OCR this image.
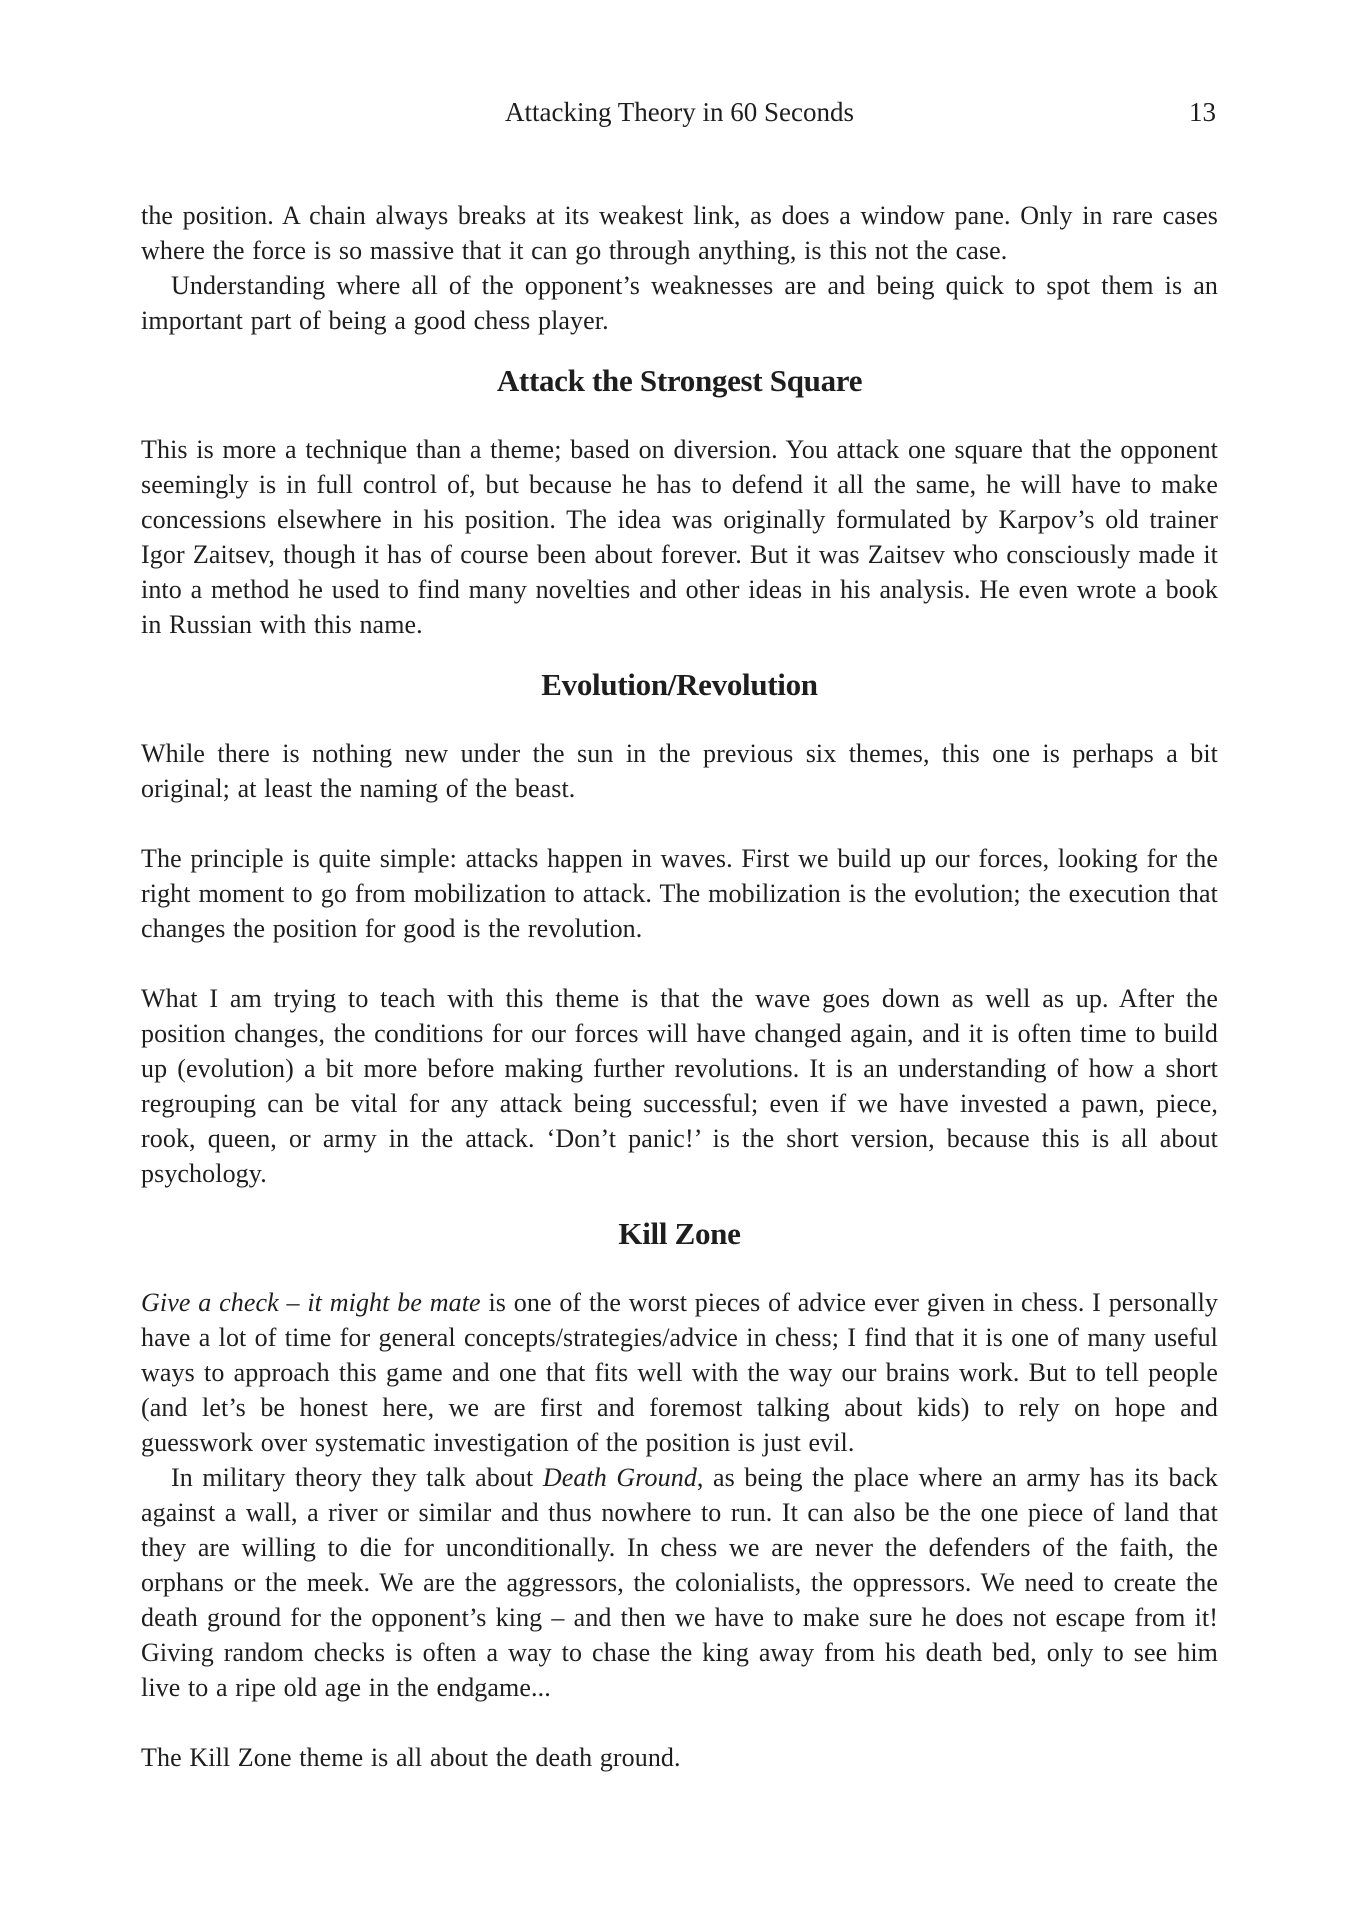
Attacking Theory in 60 Seconds	13

the position. A chain always breaks at its weakest link, as does a window pane. Only in rare cases where the force is so massive that it can go through anything, is this not the case.

Understanding where all of the opponent’s weaknesses are and being quick to spot them is an important part of being a good chess player.

Attack the Strongest Square

This is more a technique than a theme; based on diversion. You attack one square that the opponent seemingly is in full control of, but because he has to defend it all the same, he will have to make concessions elsewhere in his position. The idea was originally formulated by Karpov’s old trainer Igor Zaitsev, though it has of course been about forever. But it was Zaitsev who consciously made it into a method he used to find many novelties and other ideas in his analysis. He even wrote a book in Russian with this name.

Evolution/Revolution

While there is nothing new under the sun in the previous six themes, this one is perhaps a bit original; at least the naming of the beast.

The principle is quite simple: attacks happen in waves. First we build up our forces, looking for the right moment to go from mobilization to attack. The mobilization is the evolution; the execution that changes the position for good is the revolution.

What I am trying to teach with this theme is that the wave goes down as well as up. After the position changes, the conditions for our forces will have changed again, and it is often time to build up (evolution) a bit more before making further revolutions. It is an understanding of how a short regrouping can be vital for any attack being successful; even if we have invested a pawn, piece, rook, queen, or army in the attack. ‘Don’t panic!’ is the short version, because this is all about psychology.

Kill Zone

Give a check – it might be mate is one of the worst pieces of advice ever given in chess. I personally have a lot of time for general concepts/strategies/advice in chess; I find that it is one of many useful ways to approach this game and one that fits well with the way our brains work. But to tell people (and let’s be honest here, we are first and foremost talking about kids) to rely on hope and guesswork over systematic investigation of the position is just evil.

In military theory they talk about Death Ground, as being the place where an army has its back against a wall, a river or similar and thus nowhere to run. It can also be the one piece of land that they are willing to die for unconditionally. In chess we are never the defenders of the faith, the orphans or the meek. We are the aggressors, the colonialists, the oppressors. We need to create the death ground for the opponent’s king – and then we have to make sure he does not escape from it! Giving random checks is often a way to chase the king away from his death bed, only to see him live to a ripe old age in the endgame...

The Kill Zone theme is all about the death ground.
